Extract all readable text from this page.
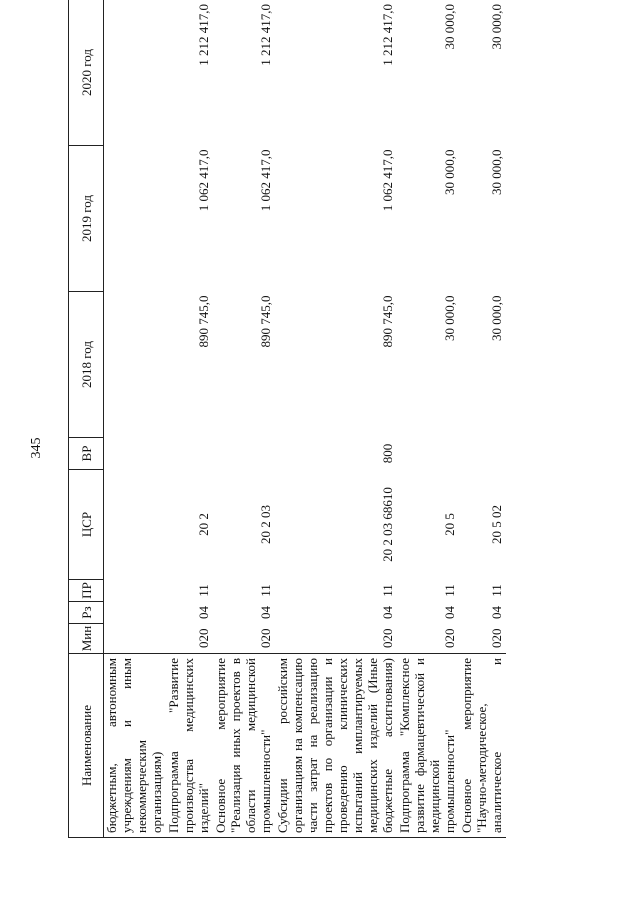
345
Наименование	Мин	Рз	ПР	ЦСР	ВР	2018 год	2019 год	2020 год
бюджетным, автономным учреждениям и иным некоммерческим организациям)								
Подпрограмма "Развитие производства медицинских изделий"	020	04	11	20 2		890 745,0	1 062 417,0	1 212 417,0
Основное мероприятие "Реализация иных проектов в области медицинской промышленности"	020	04	11	20 2 03		890 745,0	1 062 417,0	1 212 417,0
Субсидии российским организациям на компенсацию части затрат на реализацию проектов по организации и проведению клинических испытаний имплантируемых медицинских изделий (Иные бюджетные ассигнования)	020	04	11	20 2 03 68610	800	890 745,0	1 062 417,0	1 212 417,0
Подпрограмма "Комплексное развитие фармацевтической и медицинской промышленности"	020	04	11	20 5		30 000,0	30 000,0	30 000,0
Основное мероприятие "Научно-методическое, аналитическое и	020	04	11	20 5 02		30 000,0	30 000,0	30 000,0
